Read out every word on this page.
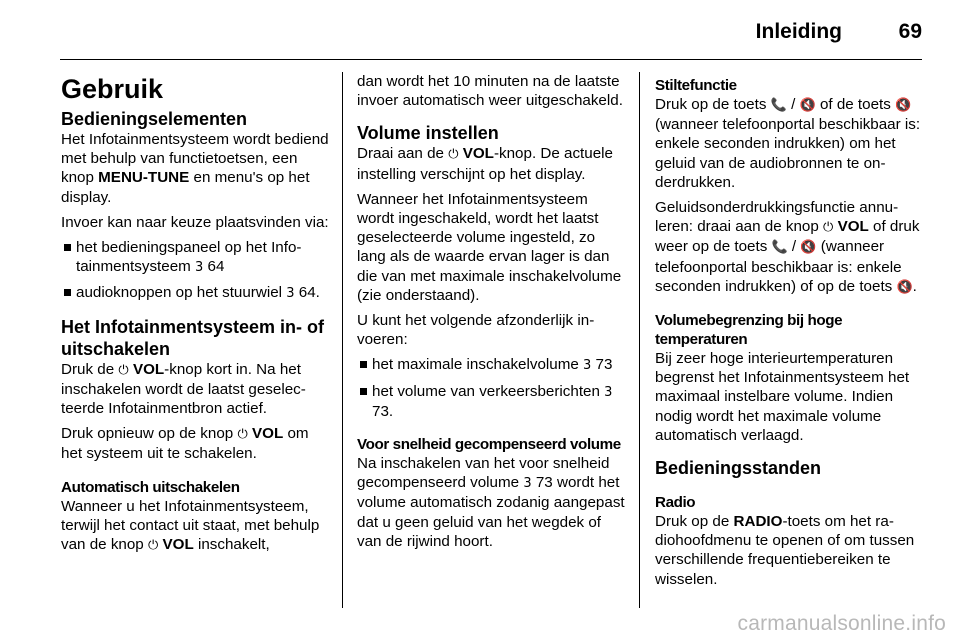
Inleiding	69
Gebruik
Bedieningselementen

Het Infotainmentsysteem wordt bediend met behulp van functietoetsen, een knop MENU-TUNE en menu's op het display.

Invoer kan naar keuze plaatsvinden via:

het bedieningspaneel op het Infotainmentsysteem 3 64
audioknoppen op het stuurwiel 3 64.
Het Infotainmentsysteem in- of uitschakelen

Druk de ⏻ VOL-knop kort in. Na het inschakelen wordt de laatst geselecteerde Infotainmentbron actief.

Druk opnieuw op de knop ⏻ VOL om het systeem uit te schakelen.

Automatisch uitschakelen

Wanneer u het Infotainmentsysteem, terwijl het contact uit staat, met behulp van de knop ⏻ VOL inschakelt,

dan wordt het 10 minuten na de laatste invoer automatisch weer uitgeschakeld.

Volume instellen

Draai aan de ⏻ VOL-knop. De actuele instelling verschijnt op het display.

Wanneer het Infotainmentsysteem wordt ingeschakeld, wordt het laatst geselecteerde volume ingesteld, zo lang als de waarde ervan lager is dan die van met maximale inschakelvolume (zie onderstaand).

U kunt het volgende afzonderlijk invoeren:

het maximale inschakelvolume 3 73
het volume van verkeersberichten 3 73.
Voor snelheid gecompenseerd volume

Na inschakelen van het voor snelheid gecompenseerd volume 3 73 wordt het volume automatisch zodanig aangepast dat u geen geluid van het wegdek of van de rijwind hoort.

Stiltefunctie

Druk op de toets 📞 / 🔇 of de toets 🔇 (wanneer telefoonportal beschikbaar is: enkele seconden indrukken) om het geluid van de audiobronnen te onderdrukken.

Geluidsonderdrukkingsfunctie annuleren: draai aan de knop ⏻ VOL of druk weer op de toets 📞 / 🔇 (wanneer telefoonportal beschikbaar is: enkele seconden indrukken) of op de toets 🔇.

Volumebegrenzing bij hoge temperaturen

Bij zeer hoge interieurtemperaturen begrenst het Infotainmentsysteem het maximaal instelbare volume. Indien nodig wordt het maximale volume automatisch verlaagd.

Bedieningsstanden
Radio

Druk op de RADIO-toets om het radiohoofdmenu te openen of om tussen verschillende frequentiebereiken te wisselen.

carmanualsonline.info
